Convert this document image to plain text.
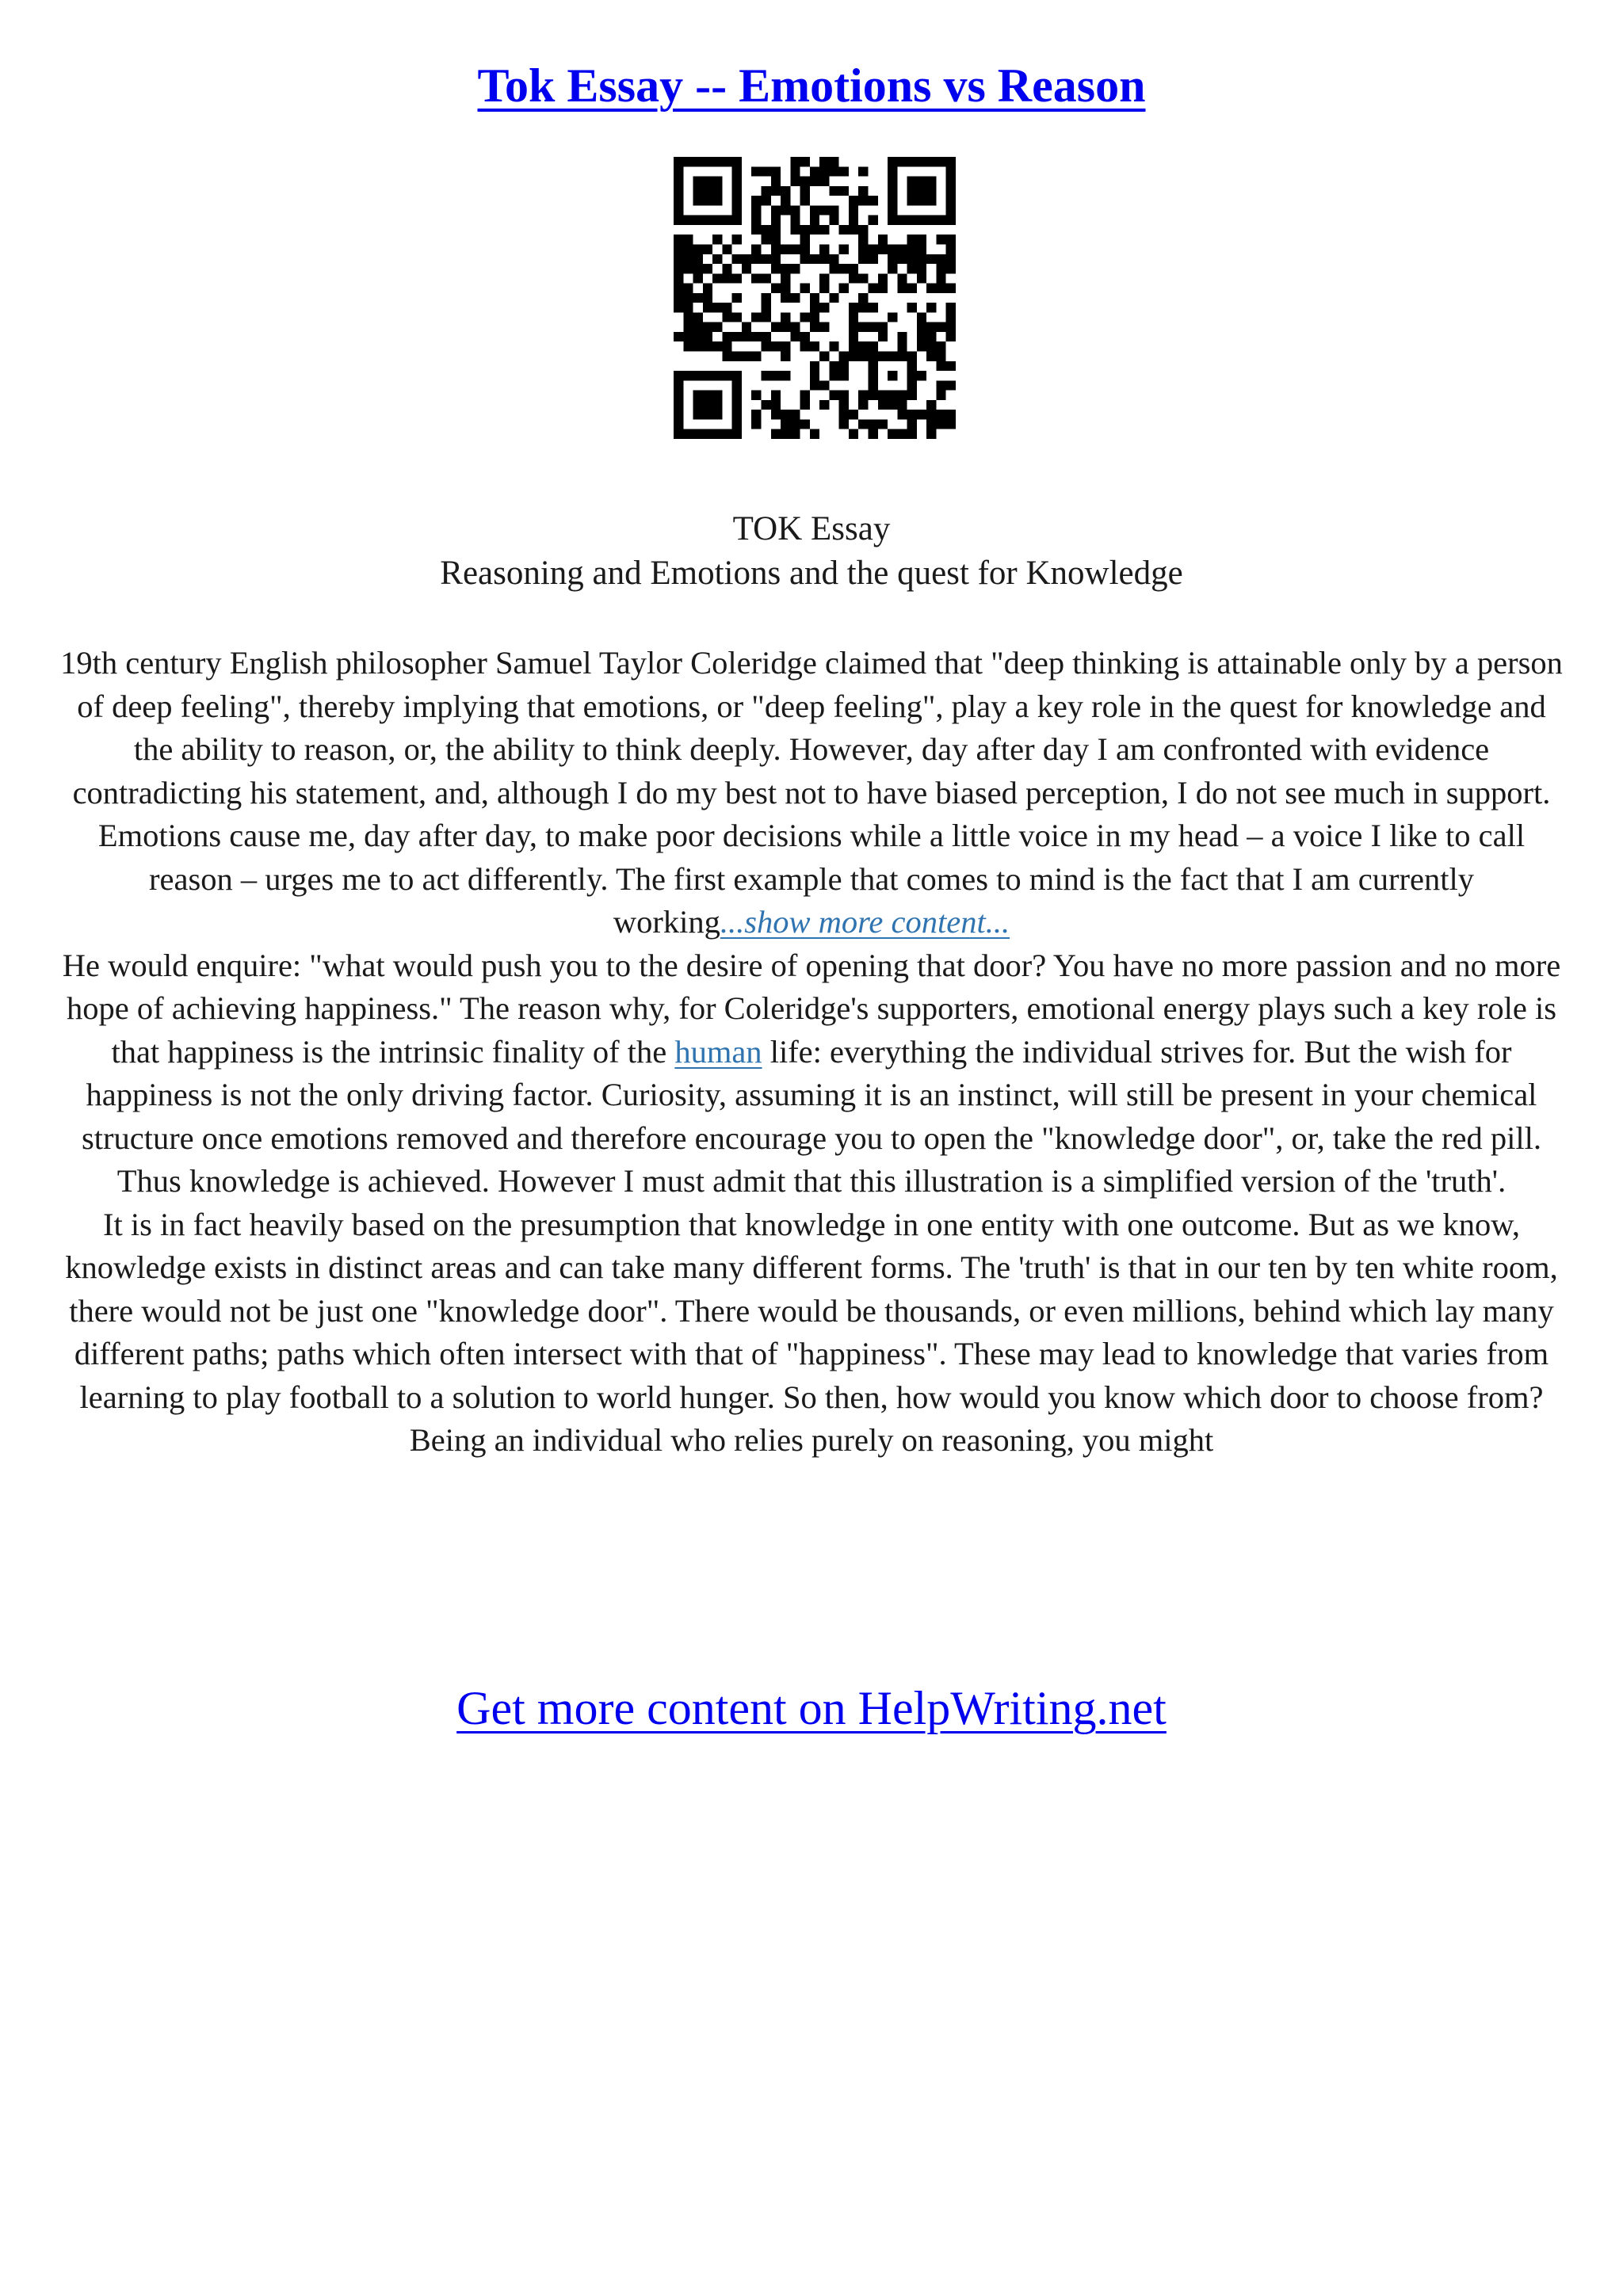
Tok Essay -- Emotions vs Reason
TOK Essay
Reasoning and Emotions and the quest for Knowledge

19th century English philosopher Samuel Taylor Coleridge claimed that "deep thinking is attainable only by a person of deep feeling", thereby implying that emotions, or "deep feeling", play a key role in the quest for knowledge and the ability to reason, or, the ability to think deeply. However, day after day I am confronted with evidence contradicting his statement, and, although I do my best not to have biased perception, I do not see much in support. Emotions cause me, day after day, to make poor decisions while a little voice in my head – a voice I like to call reason – urges me to act differently. The first example that comes to mind is the fact that I am currently working...show more content...

He would enquire: "what would push you to the desire of opening that door? You have no more passion and no more hope of achieving happiness." The reason why, for Coleridge's supporters, emotional energy plays such a key role is that happiness is the intrinsic finality of the human life: everything the individual strives for. But the wish for happiness is not the only driving factor. Curiosity, assuming it is an instinct, will still be present in your chemical structure once emotions removed and therefore encourage you to open the "knowledge door", or, take the red pill. Thus knowledge is achieved. However I must admit that this illustration is a simplified version of the 'truth'.

It is in fact heavily based on the presumption that knowledge in one entity with one outcome. But as we know, knowledge exists in distinct areas and can take many different forms. The 'truth' is that in our ten by ten white room, there would not be just one "knowledge door". There would be thousands, or even millions, behind which lay many different paths; paths which often intersect with that of "happiness". These may lead to knowledge that varies from learning to play football to a solution to world hunger. So then, how would you know which door to choose from? Being an individual who relies purely on reasoning, you might

Get more content on HelpWriting.net
